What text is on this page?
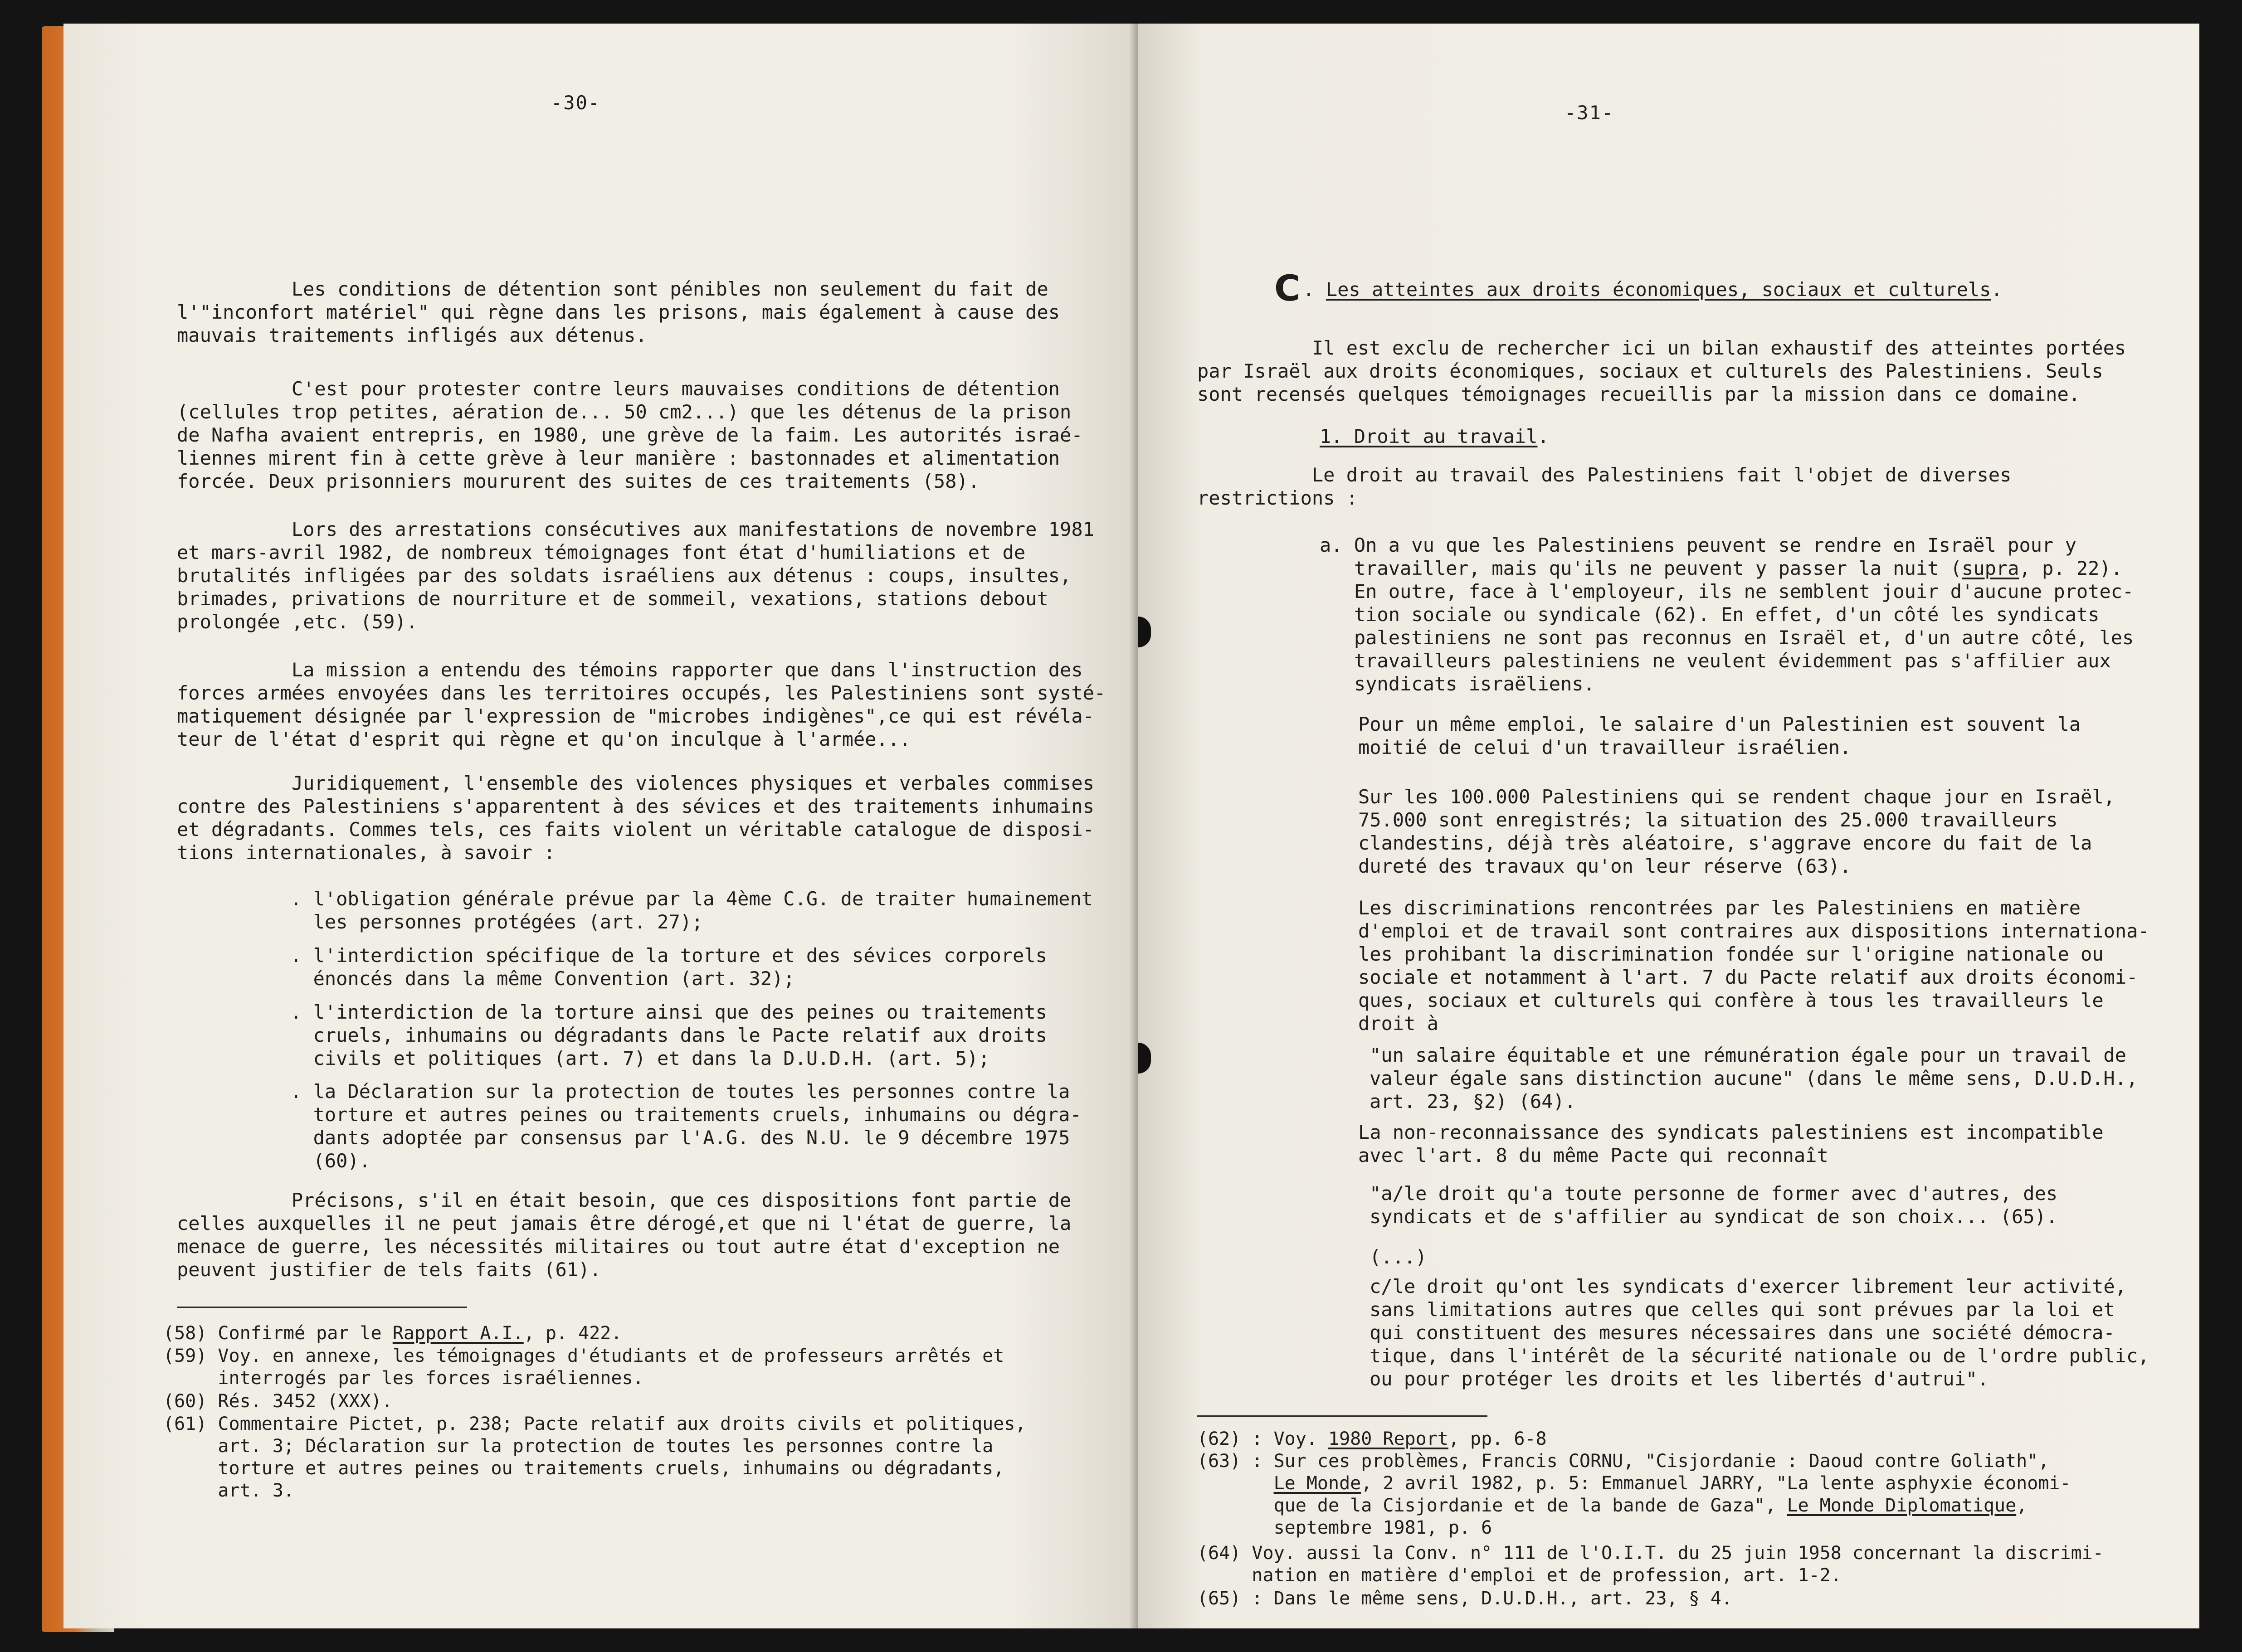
-30-
Les conditions de détention sont pénibles non seulement du fait de
l'"inconfort matériel" qui règne dans les prisons, mais également à cause des
mauvais traitements infligés aux détenus.
C'est pour protester contre leurs mauvaises conditions de détention
(cellules trop petites, aération de... 50 cm2...) que les détenus de la prison
de Nafha avaient entrepris, en 1980, une grève de la faim. Les autorités israé-
liennes mirent fin à cette grève à leur manière : bastonnades et alimentation
forcée. Deux prisonniers moururent des suites de ces traitements (58).
Lors des arrestations consécutives aux manifestations de novembre 1981
et mars-avril 1982, de nombreux témoignages font état d'humiliations et de
brutalités infligées par des soldats israéliens aux détenus : coups, insultes,
brimades, privations de nourriture et de sommeil, vexations, stations debout
prolongée ,etc. (59).
La mission a entendu des témoins rapporter que dans l'instruction des
forces armées envoyées dans les territoires occupés, les Palestiniens sont systé-
matiquement désignée par l'expression de "microbes indigènes",ce qui est révéla-
teur de l'état d'esprit qui règne et qu'on inculque à l'armée...
Juridiquement, l'ensemble des violences physiques et verbales commises
contre des Palestiniens s'apparentent à des sévices et des traitements inhumains
et dégradants. Commes tels, ces faits violent un véritable catalogue de disposi-
tions internationales, à savoir :
. l'obligation générale prévue par la 4ème C.G. de traiter humainement
les personnes protégées (art. 27);
. l'interdiction spécifique de la torture et des sévices corporels
énoncés dans la même Convention (art. 32);
. l'interdiction de la torture ainsi que des peines ou traitements
cruels, inhumains ou dégradants dans le Pacte relatif aux droits
civils et politiques (art. 7) et dans la D.U.D.H. (art. 5);
. la Déclaration sur la protection de toutes les personnes contre la
torture et autres peines ou traitements cruels, inhumains ou dégra-
dants adoptée par consensus par l'A.G. des N.U. le 9 décembre 1975
(60).
Précisons, s'il en était besoin, que ces dispositions font partie de
celles auxquelles il ne peut jamais être dérogé,et que ni l'état de guerre, la
menace de guerre, les nécessités militaires ou tout autre état d'exception ne
peuvent justifier de tels faits (61).
(58) Confirmé par le Rapport A.I., p. 422.
(59) Voy. en annexe, les témoignages d'étudiants et de professeurs arrêtés et
interrogés par les forces israéliennes.
(60) Rés. 3452 (XXX).
(61) Commentaire Pictet, p. 238; Pacte relatif aux droits civils et politiques,
art. 3; Déclaration sur la protection de toutes les personnes contre la
torture et autres peines ou traitements cruels, inhumains ou dégradants,
art. 3.
-31-
C . Les atteintes aux droits économiques, sociaux et culturels.
Il est exclu de rechercher ici un bilan exhaustif des atteintes portées
par Israël aux droits économiques, sociaux et culturels des Palestiniens. Seuls
sont recensés quelques témoignages recueillis par la mission dans ce domaine.
1. Droit au travail.
Le droit au travail des Palestiniens fait l'objet de diverses
restrictions :
a. On a vu que les Palestiniens peuvent se rendre en Israël pour y
travailler, mais qu'ils ne peuvent y passer la nuit (supra, p. 22).
En outre, face à l'employeur, ils ne semblent jouir d'aucune protec-
tion sociale ou syndicale (62). En effet, d'un côté les syndicats
palestiniens ne sont pas reconnus en Israël et, d'un autre côté, les
travailleurs palestiniens ne veulent évidemment pas s'affilier aux
syndicats israëliens.
Pour un même emploi, le salaire d'un Palestinien est souvent la
moitié de celui d'un travailleur israélien.
Sur les 100.000 Palestiniens qui se rendent chaque jour en Israël,
75.000 sont enregistrés; la situation des 25.000 travailleurs
clandestins, déjà très aléatoire, s'aggrave encore du fait de la
dureté des travaux qu'on leur réserve (63).
Les discriminations rencontrées par les Palestiniens en matière
d'emploi et de travail sont contraires aux dispositions internationa-
les prohibant la discrimination fondée sur l'origine nationale ou
sociale et notamment à l'art. 7 du Pacte relatif aux droits économi-
ques, sociaux et culturels qui confère à tous les travailleurs le
droit à
"un salaire équitable et une rémunération égale pour un travail de
valeur égale sans distinction aucune" (dans le même sens, D.U.D.H.,
art. 23, §2) (64).
La non-reconnaissance des syndicats palestiniens est incompatible
avec l'art. 8 du même Pacte qui reconnaît
"a/le droit qu'a toute personne de former avec d'autres, des
syndicats et de s'affilier au syndicat de son choix... (65).
(...)
c/le droit qu'ont les syndicats d'exercer librement leur activité,
sans limitations autres que celles qui sont prévues par la loi et
qui constituent des mesures nécessaires dans une société démocra-
tique, dans l'intérêt de la sécurité nationale ou de l'ordre public,
ou pour protéger les droits et les libertés d'autrui".
(62) : Voy. 1980 Report, pp. 6-8
(63) : Sur ces problèmes, Francis CORNU, "Cisjordanie : Daoud contre Goliath",
Le Monde, 2 avril 1982, p. 5: Emmanuel JARRY, "La lente asphyxie économi-
que de la Cisjordanie et de la bande de Gaza", Le Monde Diplomatique,
septembre 1981, p. 6
(64) Voy. aussi la Conv. n° 111 de l'O.I.T. du 25 juin 1958 concernant la discrimi-
nation en matière d'emploi et de profession, art. 1-2.
(65) : Dans le même sens, D.U.D.H., art. 23, § 4.
